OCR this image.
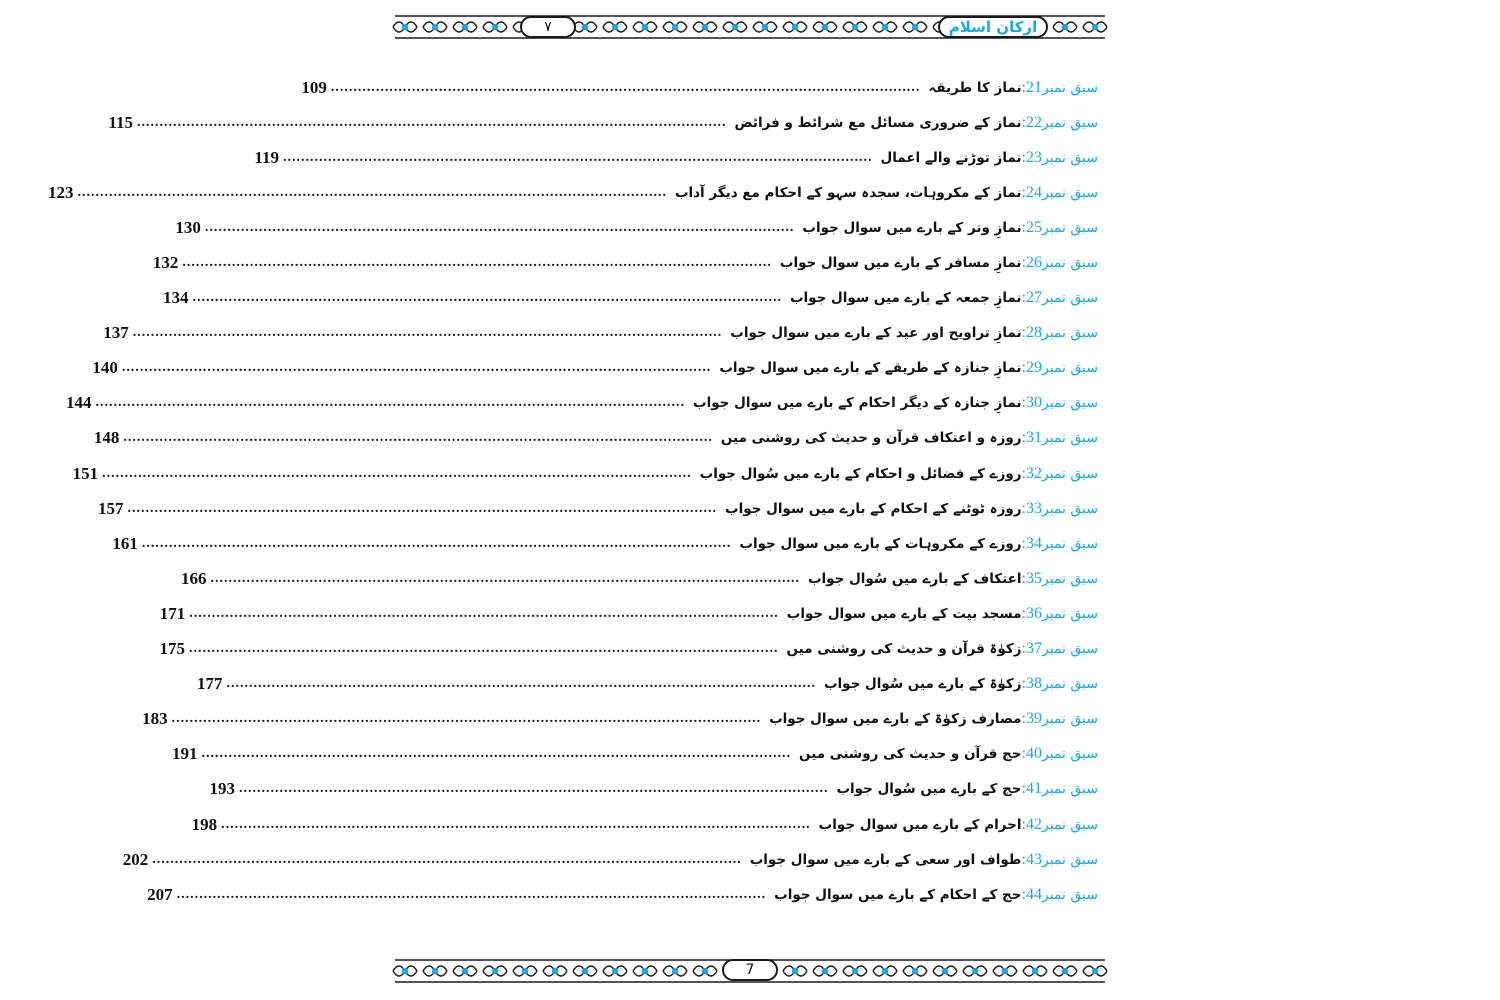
ارکان اسلام
۷
سبق نمبر
21
:
نماز کا طریقہ
...................................................................................................................................
109
سبق نمبر
22
:
نماز کے ضروری مسائل مع شرائط و فرائض
...................................................................................................................................
115
سبق نمبر
23
:
نماز توڑنے والے اعمال
...................................................................................................................................
119
سبق نمبر
24
:
نماز کے مکروہات، سجدہ سہو کے احکام مع دیگر آداب
...................................................................................................................................
123
سبق نمبر
25
:
نمازِ وتر کے بارے میں سوال جواب
...................................................................................................................................
130
سبق نمبر
26
:
نمازِ مسافر کے بارے میں سوال جواب
...................................................................................................................................
132
سبق نمبر
27
:
نمازِ جمعہ کے بارے میں سوال جواب
...................................................................................................................................
134
سبق نمبر
28
:
نمازِ تراویح اور عید کے بارے میں سوال جواب
...................................................................................................................................
137
سبق نمبر
29
:
نمازِ جنازہ کے طریقے کے بارے میں سوال جواب
...................................................................................................................................
140
سبق نمبر
30
:
نمازِ جنازہ کے دیگر احکام کے بارے میں سوال جواب
...................................................................................................................................
144
سبق نمبر
31
:
روزہ و اعتکاف قرآن و حدیث کی روشنی میں
...................................................................................................................................
148
سبق نمبر
32
:
روزے کے فضائل و احکام کے بارے میں سُوال جواب
...................................................................................................................................
151
سبق نمبر
33
:
روزہ ٹوٹنے کے احکام کے بارے میں سوال جواب
...................................................................................................................................
157
سبق نمبر
34
:
روزے کے مکروہات کے بارے میں سوال جواب
...................................................................................................................................
161
سبق نمبر
35
:
اعتکاف کے بارے میں سُوال جواب
...................................................................................................................................
166
سبق نمبر
36
:
مسجد بیت کے بارے میں سوال جواب
...................................................................................................................................
171
سبق نمبر
37
:
زکوٰۃ قرآن و حدیث کی روشنی میں
...................................................................................................................................
175
سبق نمبر
38
:
زکوٰۃ کے بارے میں سُوال جواب
...................................................................................................................................
177
سبق نمبر
39
:
مصارف زکوٰۃ کے بارے میں سوال جواب
...................................................................................................................................
183
سبق نمبر
40
:
حج قرآن و حدیث کی روشنی میں
...................................................................................................................................
191
سبق نمبر
41
:
حج کے بارے میں سُوال جواب
...................................................................................................................................
193
سبق نمبر
42
:
احرام کے بارے میں سوال جواب
...................................................................................................................................
198
سبق نمبر
43
:
طواف اور سعی کے بارے میں سوال جواب
...................................................................................................................................
202
سبق نمبر
44
:
حج کے احکام کے بارے میں سوال جواب
...................................................................................................................................
207
7
